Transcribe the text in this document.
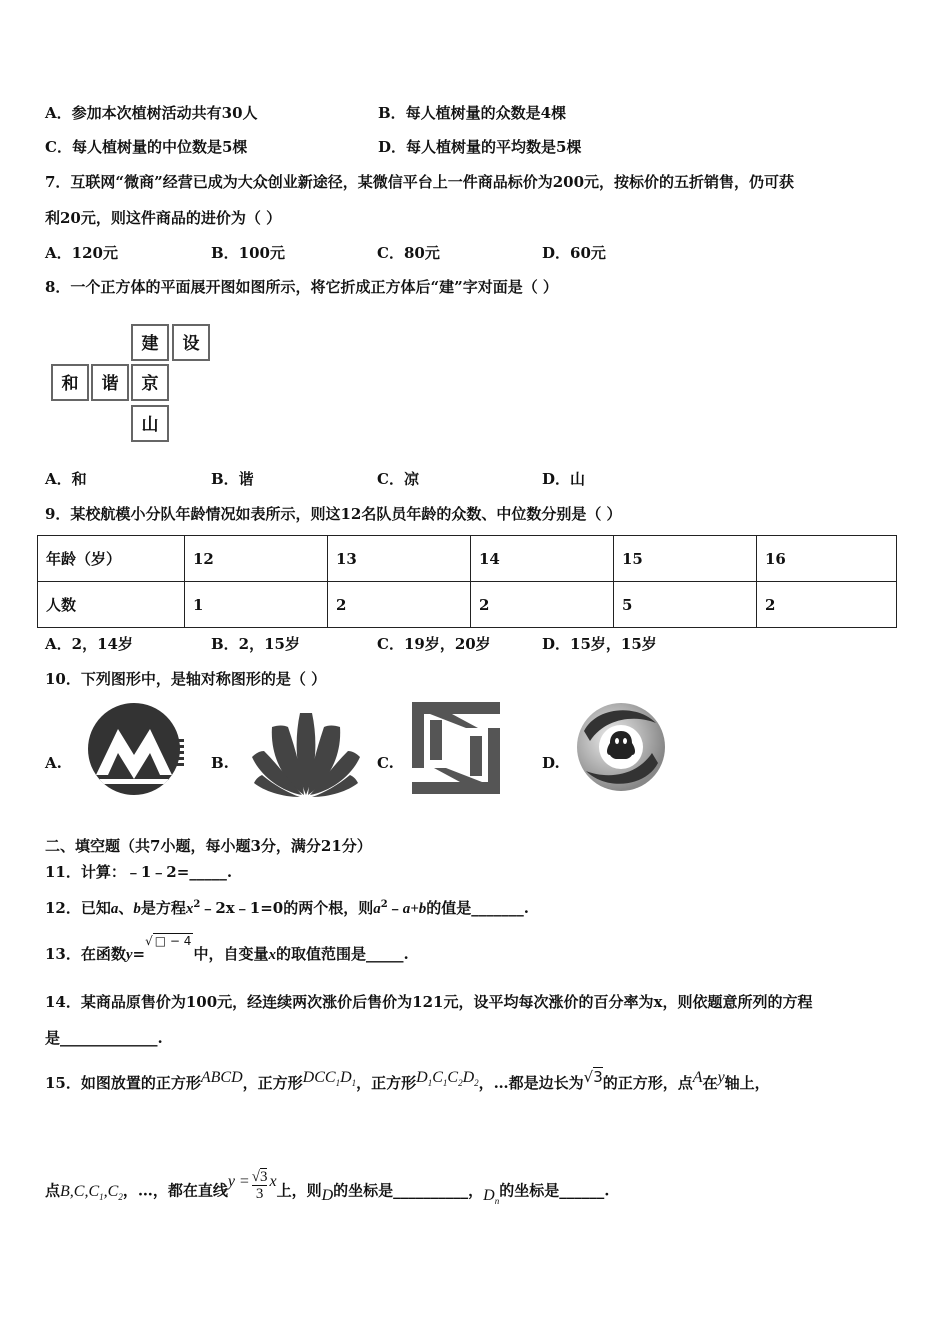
A．参加本次植树活动共有30人	B．每人植树量的众数是4棵
C．每人植树量的中位数是5棵	D．每人植树量的平均数是5棵
7．互联网“微商”经营已成为大众创业新途径，某微信平台上一件商品标价为200元，按标价的五折销售，仍可获
利20元，则这件商品的进价为（ ）
A．120元	B．100元	C．80元	D．60元
8．一个正方体的平面展开图如图所示，将它折成正方体后“建”字对面是（ ）
建	设
和	谐	京
山
A．和	B．谐	C．凉	D．山
9．某校航模小分队年龄情况如表所示，则这12名队员年龄的众数、中位数分别是（ ）
年龄（岁）	12	13	14	15	16
人数	1	2	2	5	2
A．2，14岁	B．2，15岁	C．19岁，20岁	D．15岁，15岁
10．下列图形中，是轴对称图形的是（ ）
A.	B.	C.	D.
二、填空题（共7小题，每小题3分，满分21分）
11．计算：﹣1﹣2=_____.
12．已知a、b是方程$x^2﹣2x﹣1=0$的两个根，则$a^2﹣a+b$的值是_______.
13．在函数y=√ □ − 4中，自变量x的取值范围是_____.
14．某商品原售价为100元，经连续两次涨价后售价为121元，设平均每次涨价的百分率为x，则依题意所列的方程
是_____________.
15．如图放置的正方形ABCD，正方形$DCC_1D_1$，正方形$D_1C_1C_2D_2$，…都是边长为√3的正方形，点A在y轴上，
点$B,C,C_1,C_2$，…，都在直线$y = \frac{√3}{3}$ x上，则D的坐标是__________，$D_n$的坐标是______.
